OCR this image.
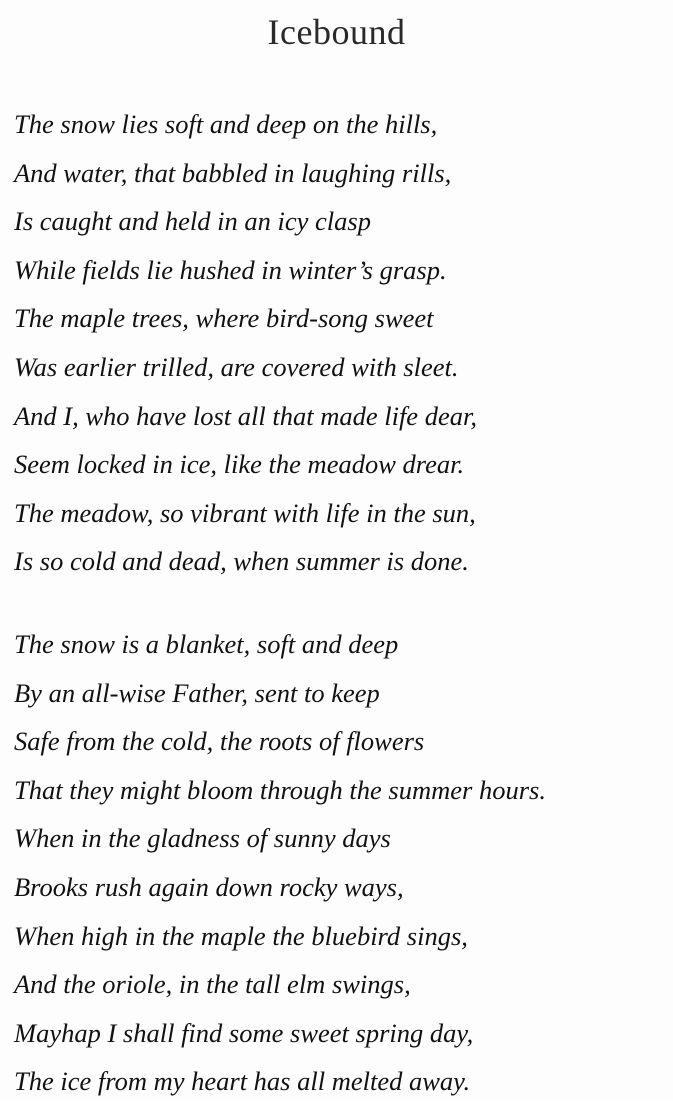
Icebound
The snow lies soft and deep on the hills,
And water, that babbled in laughing rills,
Is caught and held in an icy clasp
While fields lie hushed in winter’s grasp.
The maple trees, where bird-song sweet
Was earlier trilled, are covered with sleet.
And I, who have lost all that made life dear,
Seem locked in ice, like the meadow drear.
The meadow, so vibrant with life in the sun,
Is so cold and dead, when summer is done.
The snow is a blanket, soft and deep
By an all-wise Father, sent to keep
Safe from the cold, the roots of flowers
That they might bloom through the summer hours.
When in the gladness of sunny days
Brooks rush again down rocky ways,
When high in the maple the bluebird sings,
And the oriole, in the tall elm swings,
Mayhap I shall find some sweet spring day,
The ice from my heart has all melted away.
